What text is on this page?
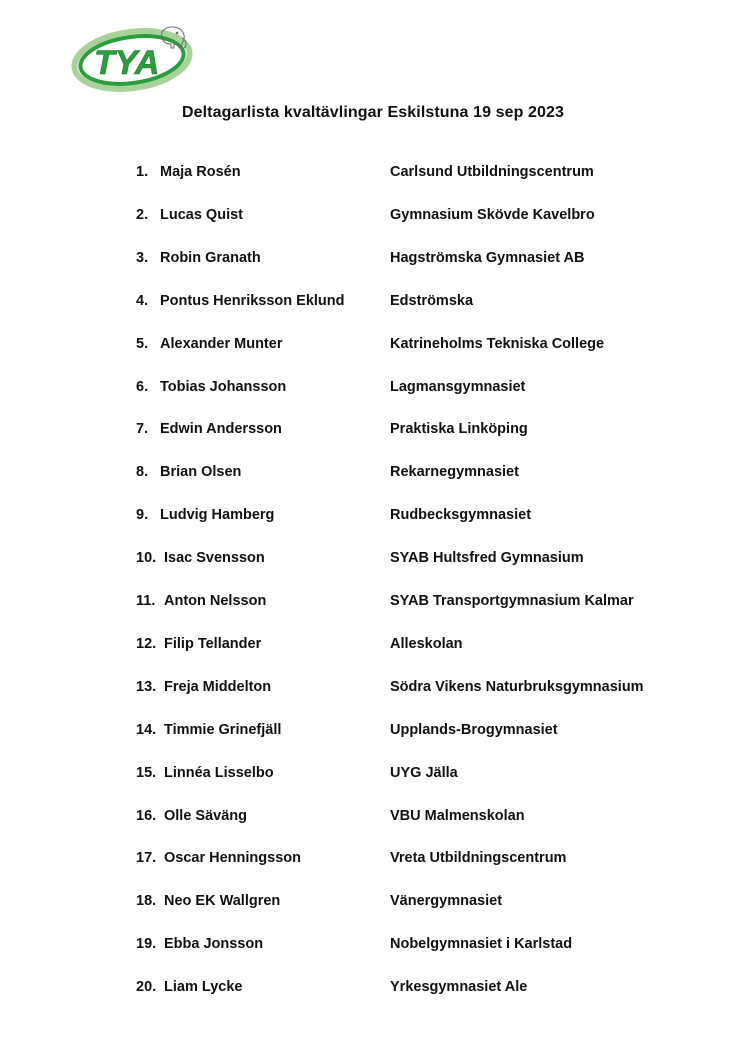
TYA
Deltagarlista kvaltävlingar Eskilstuna 19 sep 2023
1. Maja Rosén	Carlsund Utbildningscentrum
2. Lucas Quist	Gymnasium Skövde Kavelbro
3. Robin Granath	Hagströmska Gymnasiet AB
4. Pontus Henriksson Eklund	Edströmska
5. Alexander Munter	Katrineholms Tekniska College
6. Tobias Johansson	Lagmansgymnasiet
7. Edwin Andersson	Praktiska Linköping
8. Brian Olsen	Rekarnegymnasiet
9. Ludvig Hamberg	Rudbecksgymnasiet
10. Isac Svensson	SYAB Hultsfred Gymnasium
11. Anton Nelsson	SYAB Transportgymnasium Kalmar
12. Filip Tellander	Alleskolan
13. Freja Middelton	Södra Vikens Naturbruksgymnasium
14. Timmie Grinefjäll	Upplands-Brogymnasiet
15. Linnéa Lisselbo	UYG Jälla
16. Olle Säväng	VBU Malmenskolan
17. Oscar Henningsson	Vreta Utbildningscentrum
18. Neo EK Wallgren	Vänergymnasiet
19. Ebba Jonsson	Nobelgymnasiet i Karlstad
20. Liam Lycke	Yrkesgymnasiet Ale
